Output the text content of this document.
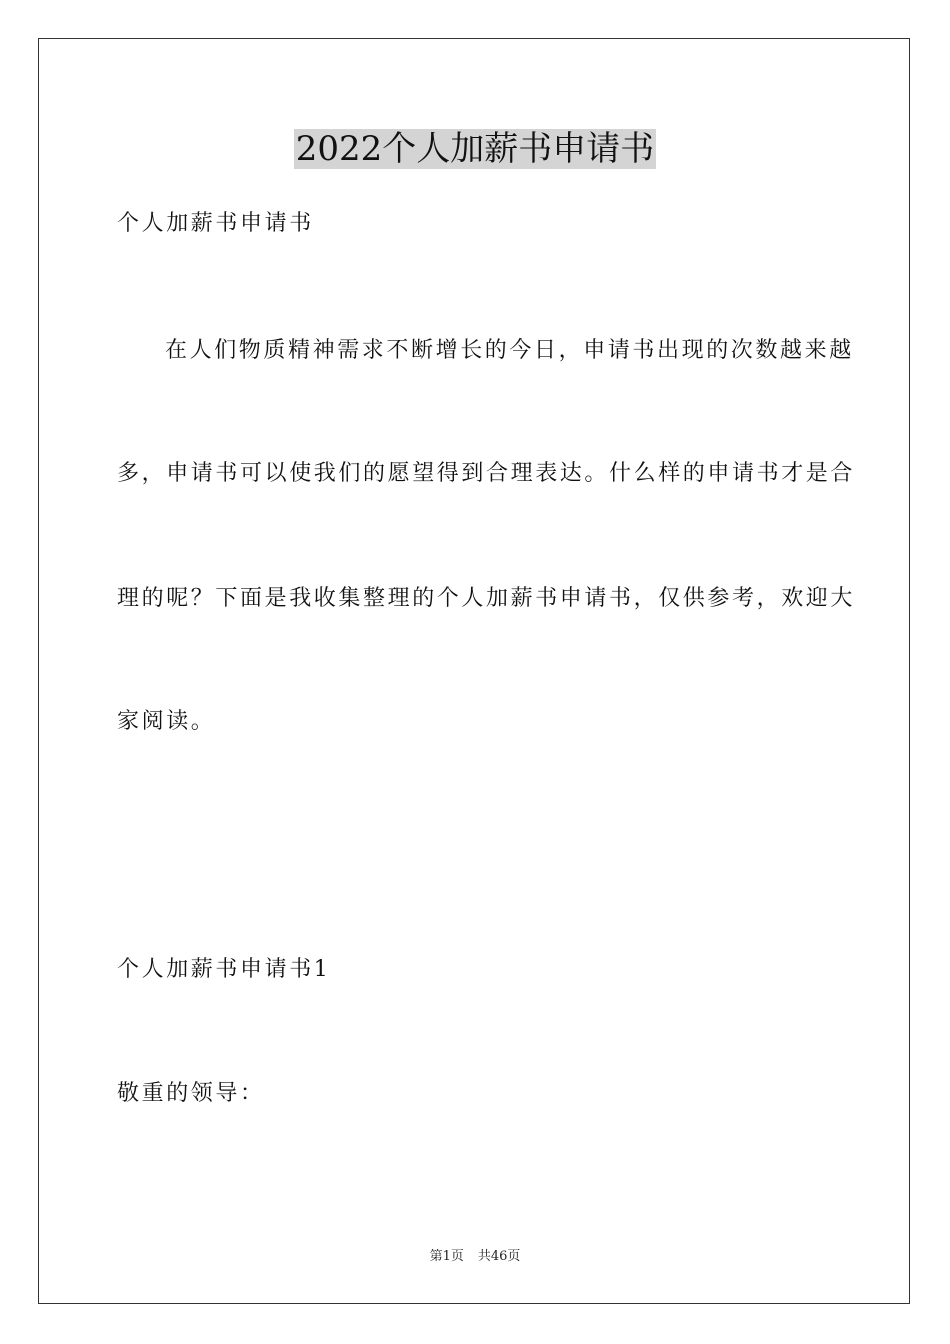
2022个人加薪书申请书
个人加薪书申请书
在人们物质精神需求不断增长的今日，申请书出现的次数越来越
多，申请书可以使我们的愿望得到合理表达。什么样的申请书才是合
理的呢？下面是我收集整理的个人加薪书申请书，仅供参考，欢迎大
家阅读。
个人加薪书申请书1
敬重的领导：
第1页 共46页
